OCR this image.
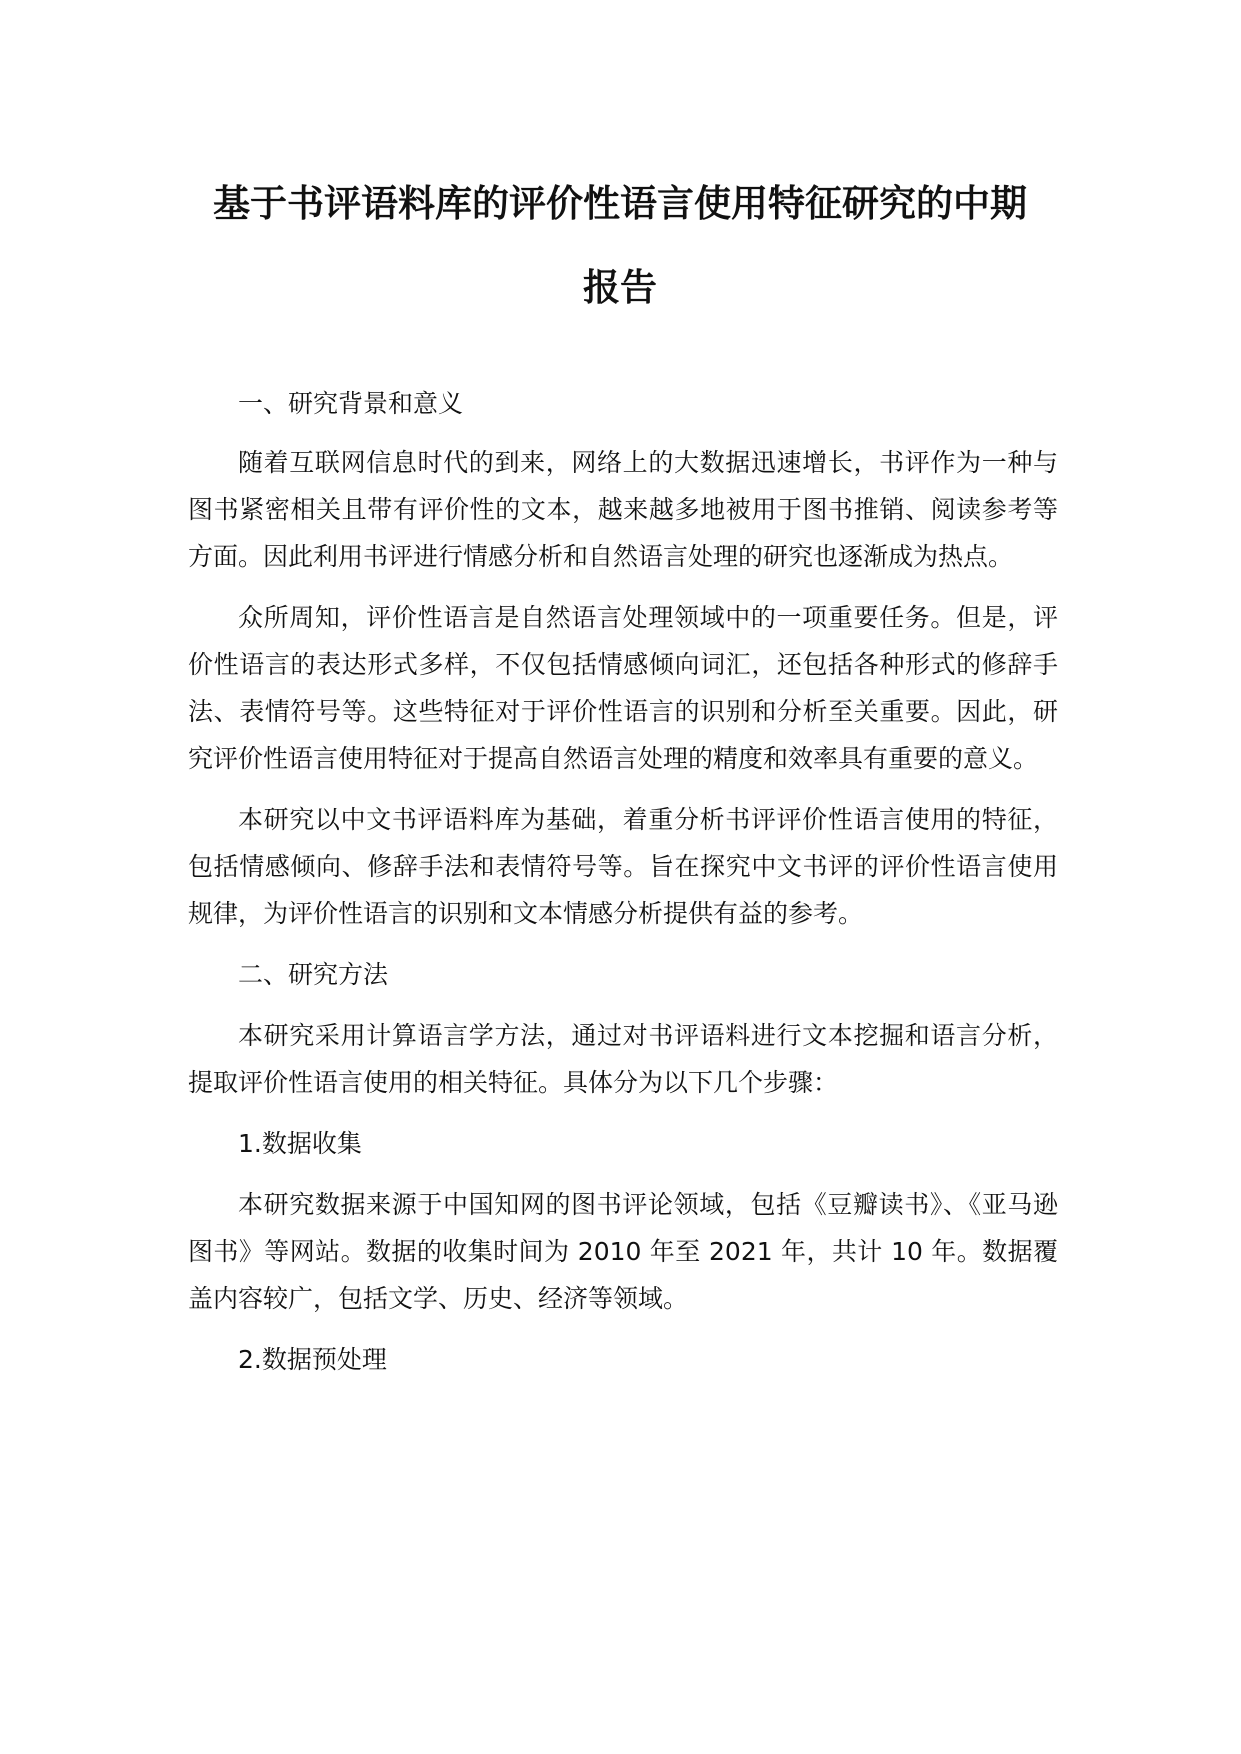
基于书评语料库的评价性语言使用特征研究的中期
报告

一、研究背景和意义

随着互联网信息时代的到来，网络上的大数据迅速增长，书评作为一种与图书紧密相关且带有评价性的文本，越来越多地被用于图书推销、阅读参考等方面。因此利用书评进行情感分析和自然语言处理的研究也逐渐成为热点。

众所周知，评价性语言是自然语言处理领域中的一项重要任务。但是，评价性语言的表达形式多样，不仅包括情感倾向词汇，还包括各种形式的修辞手法、表情符号等。这些特征对于评价性语言的识别和分析至关重要。因此，研究评价性语言使用特征对于提高自然语言处理的精度和效率具有重要的意义。

本研究以中文书评语料库为基础，着重分析书评评价性语言使用的特征，包括情感倾向、修辞手法和表情符号等。旨在探究中文书评的评价性语言使用规律，为评价性语言的识别和文本情感分析提供有益的参考。

二、研究方法

本研究采用计算语言学方法，通过对书评语料进行文本挖掘和语言分析，提取评价性语言使用的相关特征。具体分为以下几个步骤：

1.数据收集

本研究数据来源于中国知网的图书评论领域，包括《豆瓣读书》、《亚马逊图书》等网站。数据的收集时间为 2010 年至 2021 年，共计 10 年。数据覆盖内容较广，包括文学、历史、经济等领域。

2.数据预处理
